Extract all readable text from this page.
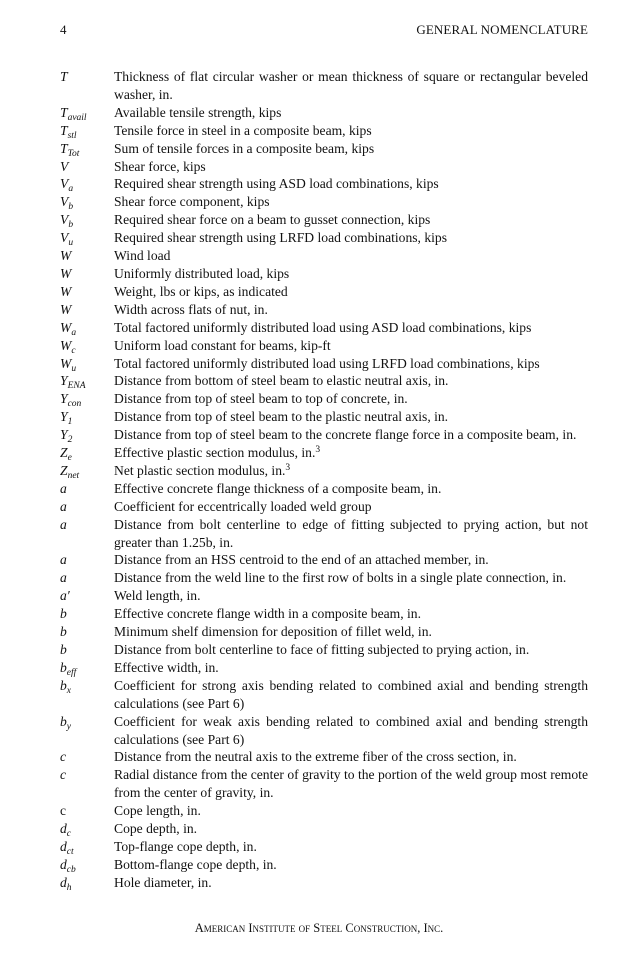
4	GENERAL NOMENCLATURE
T	Thickness of flat circular washer or mean thickness of square or rectangular beveled washer, in.
$T_{avail}$	Available tensile strength, kips
$T_{stl}$	Tensile force in steel in a composite beam, kips
$T_{Tot}$	Sum of tensile forces in a composite beam, kips
V	Shear force, kips
$V_a$	Required shear strength using ASD load combinations, kips
$V_b$	Shear force component, kips
$V_b$	Required shear force on a beam to gusset connection, kips
$V_u$	Required shear strength using LRFD load combinations, kips
W	Wind load
W	Uniformly distributed load, kips
W	Weight, lbs or kips, as indicated
W	Width across flats of nut, in.
$W_a$	Total factored uniformly distributed load using ASD load combinations, kips
$W_c$	Uniform load constant for beams, kip-ft
$W_u$	Total factored uniformly distributed load using LRFD load combinations, kips
$Y_{ENA}$	Distance from bottom of steel beam to elastic neutral axis, in.
$Y_{con}$	Distance from top of steel beam to top of concrete, in.
$Y_1$	Distance from top of steel beam to the plastic neutral axis, in.
$Y_2$	Distance from top of steel beam to the concrete flange force in a composite beam, in.
$Z_e$	Effective plastic section modulus, in.$^3$
$Z_{net}$	Net plastic section modulus, in.$^3$
a	Effective concrete flange thickness of a composite beam, in.
a	Coefficient for eccentrically loaded weld group
a	Distance from bolt centerline to edge of fitting subjected to prying action, but not greater than 1.25b, in.
a	Distance from an HSS centroid to the end of an attached member, in.
a	Distance from the weld line to the first row of bolts in a single plate connection, in.
a′	Weld length, in.
b	Effective concrete flange width in a composite beam, in.
b	Minimum shelf dimension for deposition of fillet weld, in.
b	Distance from bolt centerline to face of fitting subjected to prying action, in.
$b_{eff}$	Effective width, in.
$b_x$	Coefficient for strong axis bending related to combined axial and bending strength calculations (see Part 6)
$b_y$	Coefficient for weak axis bending related to combined axial and bending strength calculations (see Part 6)
c	Distance from the neutral axis to the extreme fiber of the cross section, in.
c	Radial distance from the center of gravity to the portion of the weld group most remote from the center of gravity, in.
c	Cope length, in.
$d_c$	Cope depth, in.
$d_{ct}$	Top-flange cope depth, in.
$d_{cb}$	Bottom-flange cope depth, in.
$d_h$	Hole diameter, in.
American Institute of Steel Construction, Inc.
